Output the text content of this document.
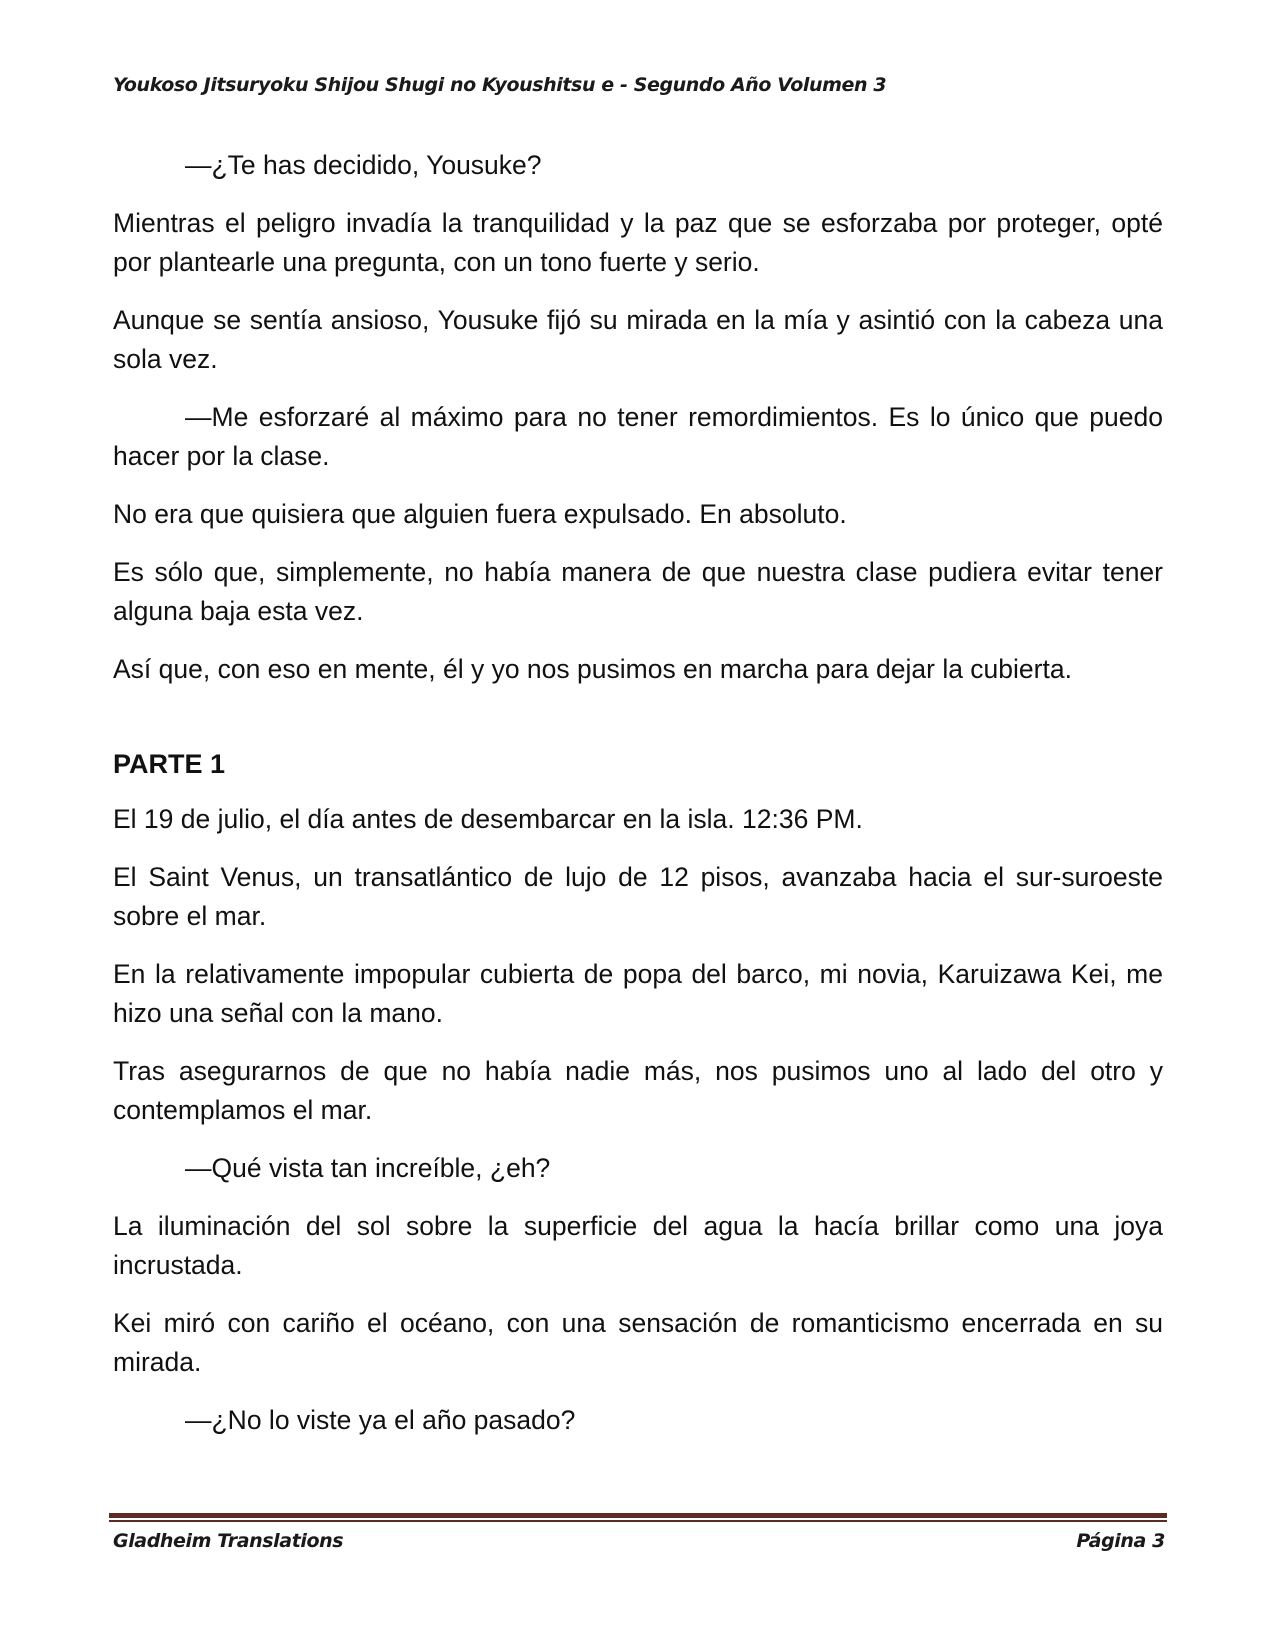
Youkoso Jitsuryoku Shijou Shugi no Kyoushitsu e - Segundo Año Volumen 3

—¿Te has decidido, Yousuke?

Mientras el peligro invadía la tranquilidad y la paz que se esforzaba por proteger, opté por plantearle una pregunta, con un tono fuerte y serio.

Aunque se sentía ansioso, Yousuke fijó su mirada en la mía y asintió con la cabeza una sola vez.

—Me esforzaré al máximo para no tener remordimientos. Es lo único que puedo hacer por la clase.

No era que quisiera que alguien fuera expulsado. En absoluto.

Es sólo que, simplemente, no había manera de que nuestra clase pudiera evitar tener alguna baja esta vez.

Así que, con eso en mente, él y yo nos pusimos en marcha para dejar la cubierta.

PARTE 1

El 19 de julio, el día antes de desembarcar en la isla. 12:36 PM.

El Saint Venus, un transatlántico de lujo de 12 pisos, avanzaba hacia el sur-suroeste sobre el mar.

En la relativamente impopular cubierta de popa del barco, mi novia, Karuizawa Kei, me hizo una señal con la mano.

Tras asegurarnos de que no había nadie más, nos pusimos uno al lado del otro y contemplamos el mar.

—Qué vista tan increíble, ¿eh?

La iluminación del sol sobre la superficie del agua la hacía brillar como una joya incrustada.

Kei miró con cariño el océano, con una sensación de romanticismo encerrada en su mirada.

—¿No lo viste ya el año pasado?

Gladheim Translations	Página 3
